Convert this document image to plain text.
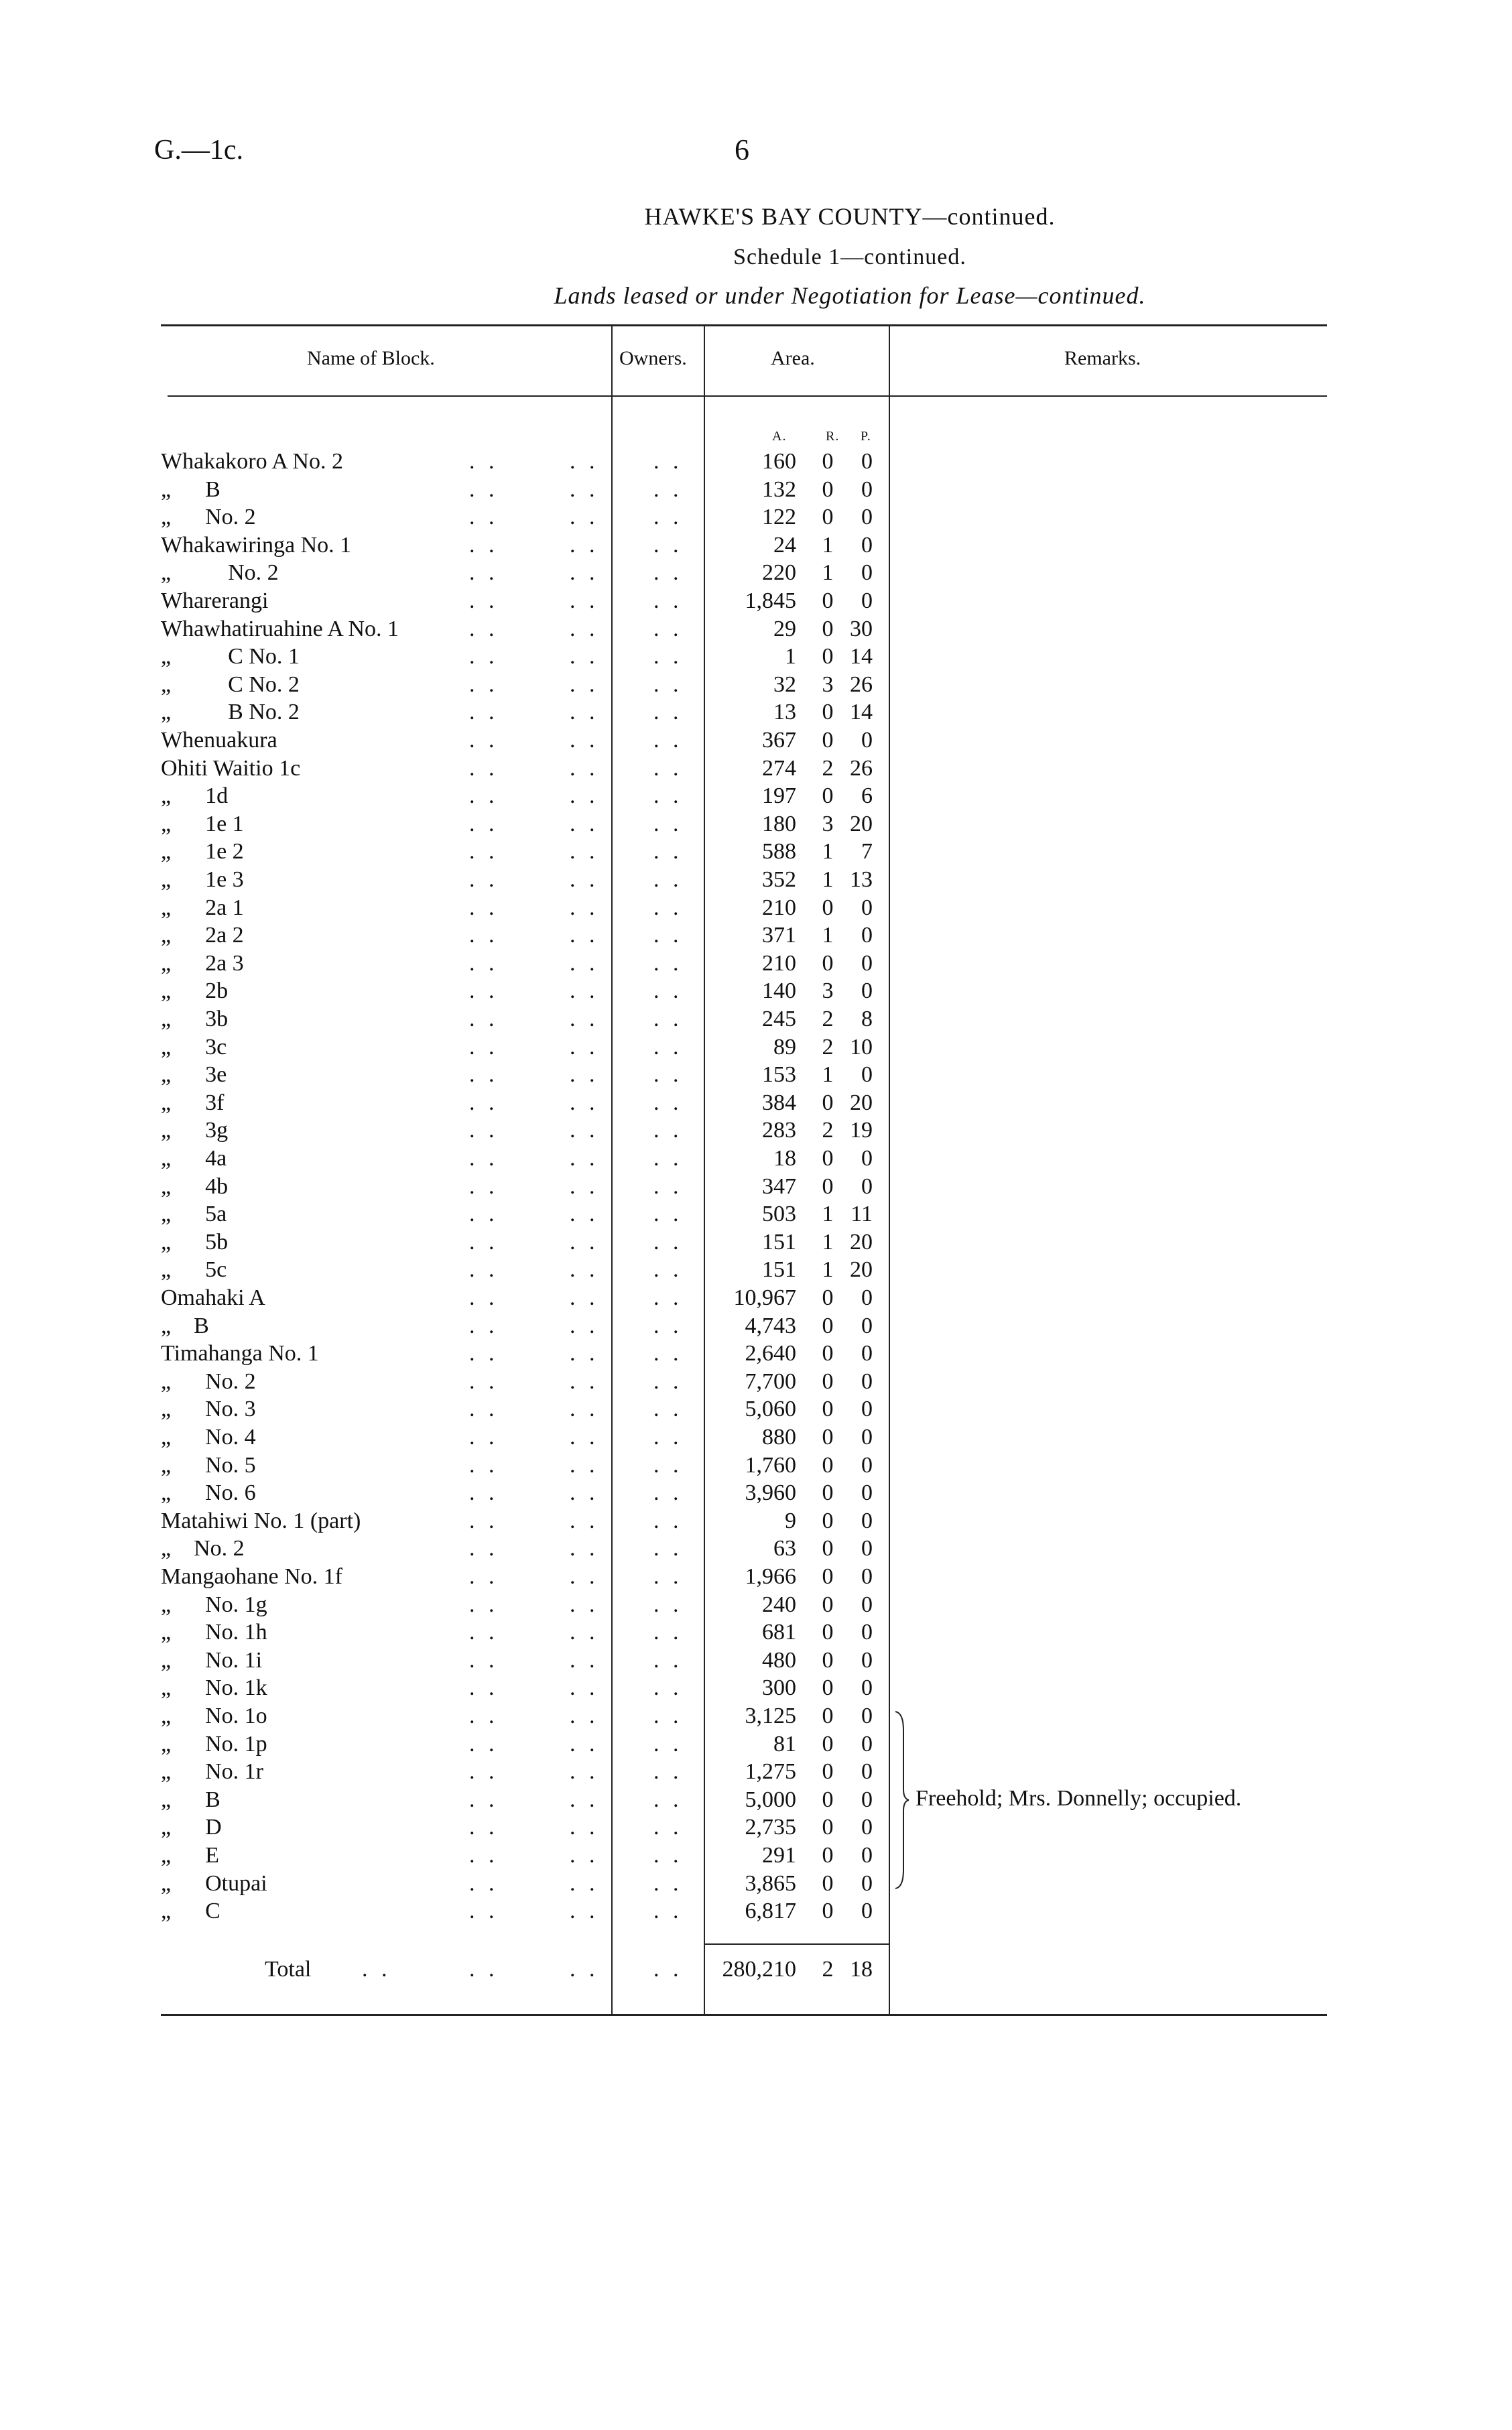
G.—1c.	6
HAWKE'S BAY COUNTY—continued.
Schedule 1—continued.
Lands leased or under Negotiation for Lease—continued.
Name of Block.	Owners.	Area.	Remarks.
A.	R. P.
Whakakoro A No. 2	. .	. . . .	160 0	0
„      B	. .	. . . .	132 0	0
„      No. 2	. .	. . . .	122 0	0
Whakawiringa No. 1	. .	. . . .	24 1	0
„          No. 2	. .	. . . .	220 1	0
Wharerangi	. .	. . . .	1,845 0	0
Whawhatiruahine A No. 1	. .	. . . .	29 0 30
„          C No. 1	. .	. . . .	1 0 14
„          C No. 2	. .	. . . .	32 3 26
„          B No. 2	. .	. . . .	13 0 14
Whenuakura	. .	. . . .	367 0	0
Ohiti Waitio 1c	. .	. . . .	274 2 26
„      1d	. .	. . . .	197 0	6
„      1e 1	. .	. . . .	180 3 20
„      1e 2	. .	. . . .	588 1	7
„      1e 3	. .	. . . .	352 1 13
„      2a 1	. .	. . . .	210 0	0
„      2a 2	. .	. . . .	371 1	0
„      2a 3	. .	. . . .	210 0	0
„      2b	. .	. . . .	140 3	0
„      3b	. .	. . . .	245 2	8
„      3c	. .	. . . .	89 2 10
„      3e	. .	. . . .	153 1	0
„      3f	. .	. . . .	384 0 20
„      3g	. .	. . . .	283 2 19
„      4a	. .	. . . .	18 0	0
„      4b	. .	. . . .	347 0	0
„      5a	. .	. . . .	503 1 11
„      5b	. .	. . . .	151 1 20
„      5c	. .	. . . .	151 1 20
Omahaki A	. .	. . . .	10,967 0	0
„    B	. .	. . . .	4,743 0	0
Timahanga No. 1	. .	. . . .	2,640 0	0
„      No. 2	. .	. . . .	7,700 0	0
„      No. 3	. .	. . . .	5,060 0	0
„      No. 4	. .	. . . .	880 0	0
„      No. 5	. .	. . . .	1,760 0	0
„      No. 6	. .	. . . .	3,960 0	0
Matahiwi No. 1 (part)	. .	. . . .	9 0	0
„    No. 2	. .	. . . .	63 0	0
Mangaohane No. 1f	. .	. . . .	1,966 0	0
„      No. 1g	. .	. . . .	240 0	0
„      No. 1h	. .	. . . .	681 0	0
„      No. 1i	. .	. . . .	480 0	0
„      No. 1k	. .	. . . .	300 0	0
„      No. 1o	. .	. . . .	3,125 0	0
„      No. 1p	. .	. . . .	81 0	0
„      No. 1r	. .	. . . .	1,275 0	0
„      B	. .	. . . .	5,000 0	0
„      D	. .	. . . .	2,735 0	0
„      E	. .	. . . .	291 0	0
„      Otupai	. .	. . . .	3,865 0	0
„      C	. .	. . . .	6,817 0	0
Freehold; Mrs. Donnelly; occupied.
Total . .	. .	. . . .	280,210 2 18
